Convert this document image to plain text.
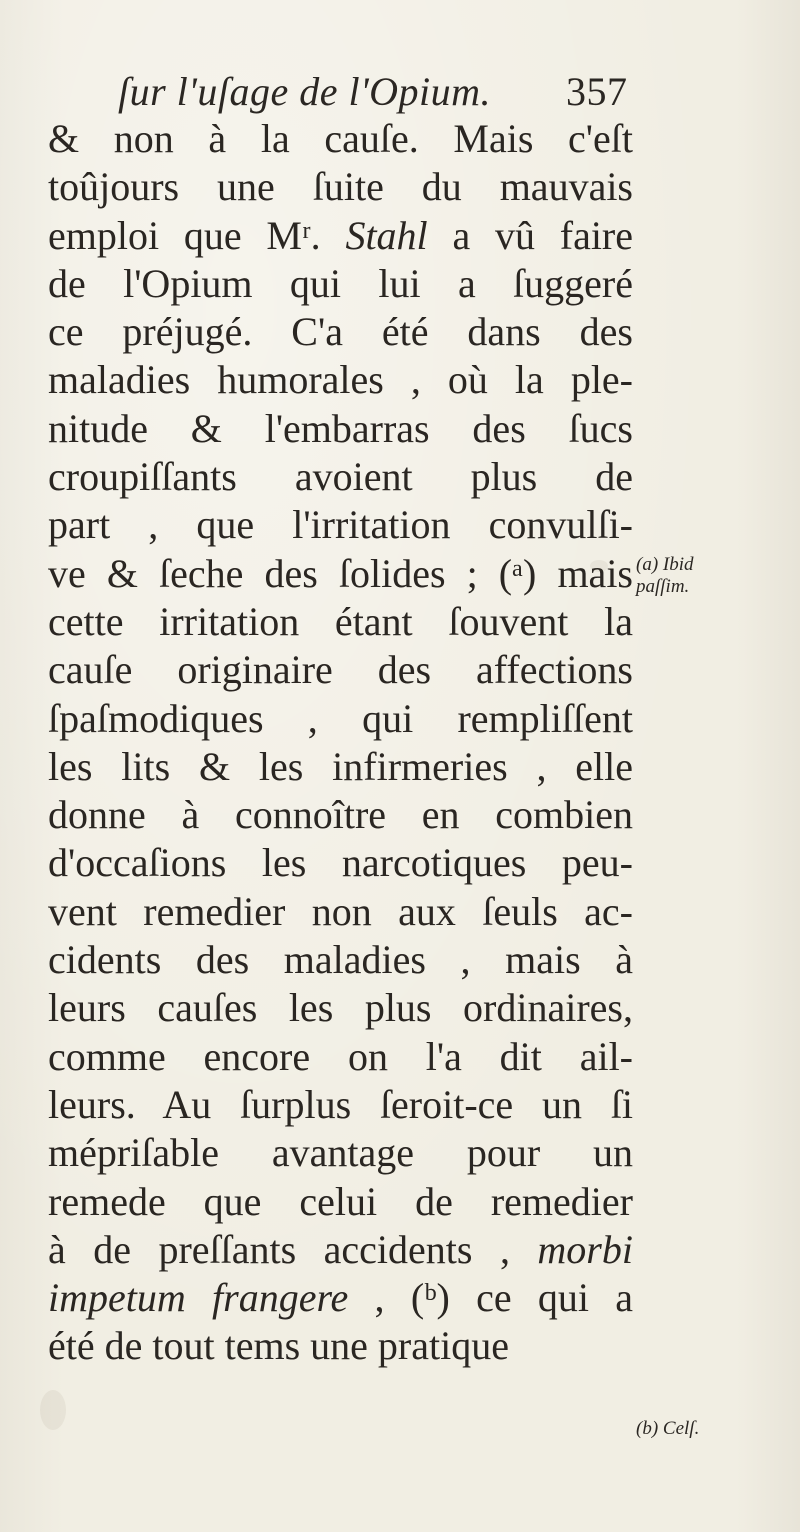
ſur l'uſage de l'Opium. 357
& non à la cauſe. Mais c'eſt
toûjours une ſuite du mauvais
emploi que Mʳ. Stahl a vû faire
de l'Opium qui lui a ſuggeré
ce préjugé. C'a été dans des
maladies humorales , où la ple-
nitude & l'embarras des ſucs
croupiſſants avoient plus de
part , que l'irritation convulſi-
ve & ſeche des ſolides ; (ᵃ) mais
cette irritation étant ſouvent la
cauſe originaire des affections
ſpaſmodiques , qui rempliſſent
les lits & les infirmeries , elle
donne à connoître en combien
d'occaſions les narcotiques peu-
vent remedier non aux ſeuls ac-
cidents des maladies , mais à
leurs cauſes les plus ordinaires,
comme encore on l'a dit ail-
leurs. Au ſurplus ſeroit-ce un ſi
mépriſable avantage pour un
remede que celui de remedier
à de preſſants accidents , morbi
impetum frangere , (ᵇ) ce qui a
été de tout tems une pratique
(a) Ibid
paſſim.
(b) Celſ.
